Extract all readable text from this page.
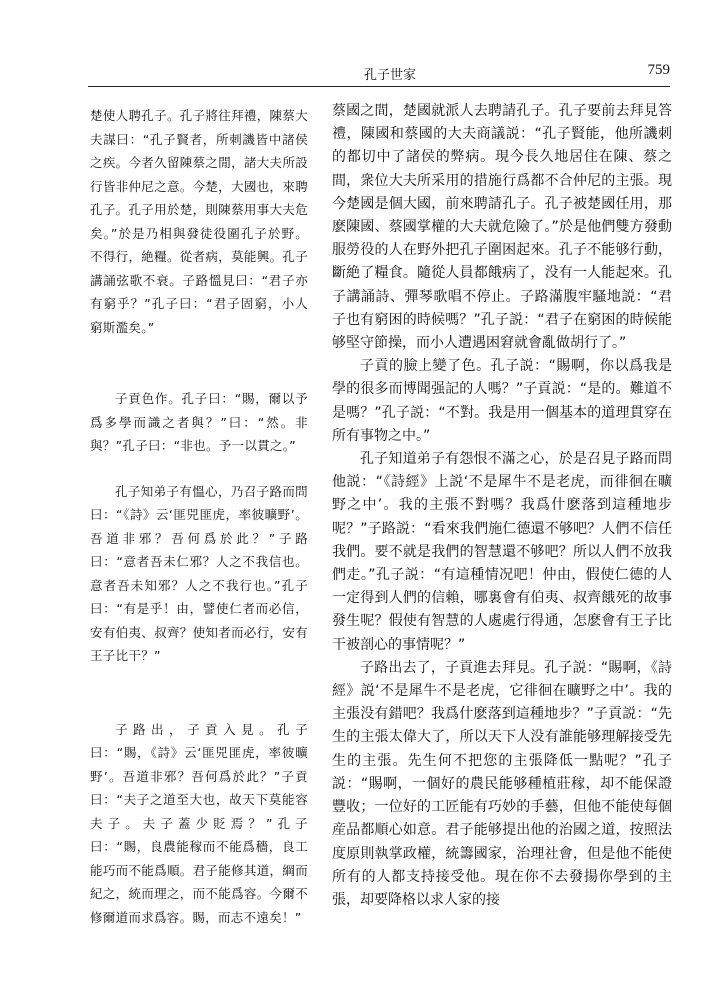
孔子世家	759

楚使人聘孔子。孔子將往拜禮，陳蔡大夫謀曰：“孔子賢者，所刺譏皆中諸侯之疾。今者久留陳蔡之閒，諸大夫所設行皆非仲尼之意。今楚，大國也，來聘孔子。孔子用於楚，則陳蔡用事大夫危矣。”於是乃相與發徒役圍孔子於野。不得行，絶糧。從者病，莫能興。孔子講誦弦歌不衰。子路慍見曰：“君子亦有窮乎？”孔子曰：“君子固窮，小人窮斯濫矣。”

子貢色作。孔子曰：“賜，爾以予爲多學而識之者與？”曰：“然。非與？”孔子曰：“非也。予一以貫之。”

孔子知弟子有慍心，乃召子路而問曰：“《詩》云‘匪兕匪虎，率彼曠野’。吾道非邪？吾何爲於此？”子路曰：“意者吾未仁邪？人之不我信也。意者吾未知邪？人之不我行也。”孔子曰：“有是乎！由，譬使仁者而必信，安有伯夷、叔齊？使知者而必行，安有王子比干？”

子路出，子貢入見。孔子曰：“賜，《詩》云‘匪兕匪虎，率彼曠野’。吾道非邪？吾何爲於此？”子貢曰：“夫子之道至大也，故天下莫能容夫子。夫子蓋少貶焉？”孔子曰：“賜，良農能稼而不能爲穡，良工能巧而不能爲順。君子能修其道，綱而紀之，統而理之，而不能爲容。今爾不修爾道而求爲容。賜，而志不遠矣！”

蔡國之間，楚國就派人去聘請孔子。孔子要前去拜見答禮，陳國和蔡國的大夫商議説：“孔子賢能，他所譏刺的都切中了諸侯的弊病。現今長久地居住在陳、蔡之間，衆位大夫所采用的措施行爲都不合仲尼的主張。現今楚國是個大國，前來聘請孔子。孔子被楚國任用，那麽陳國、蔡國掌權的大夫就危險了。”於是他們雙方發動服勞役的人在野外把孔子圍困起來。孔子不能够行動，斷絶了糧食。隨從人員都餓病了，没有一人能起來。孔子講誦詩、彈琴歌唱不停止。子路滿腹牢騷地説：“君子也有窮困的時候嗎？”孔子説：“君子在窮困的時候能够堅守節操，而小人遭遇困窘就會亂做胡行了。”

子貢的臉上變了色。孔子説：“賜啊，你以爲我是學的很多而博聞强記的人嗎？”子貢説：“是的。難道不是嗎？”孔子説：“不對。我是用一個基本的道理貫穿在所有事物之中。”

孔子知道弟子有怨恨不滿之心，於是召見子路而問他説：“《詩經》上説‘不是犀牛不是老虎，而徘徊在曠野之中’。我的主張不對嗎？我爲什麽落到這種地步呢？”子路説：“看來我們施仁德還不够吧？人們不信任我們。要不就是我們的智慧還不够吧？所以人們不放我們走。”孔子説：“有這種情况吧！仲由，假使仁德的人一定得到人們的信賴，哪裏會有伯夷、叔齊餓死的故事發生呢？假使有智慧的人處處行得通，怎麽會有王子比干被剖心的事情呢？”

子路出去了，子貢進去拜見。孔子説：“賜啊，《詩經》説‘不是犀牛不是老虎，它徘徊在曠野之中’。我的主張没有錯吧？我爲什麽落到這種地步？”子貢説：“先生的主張太偉大了，所以天下人没有誰能够理解接受先生的主張。先生何不把您的主張降低一點呢？”孔子説：“賜啊，一個好的農民能够種植莊稼，却不能保證豐收；一位好的工匠能有巧妙的手藝，但他不能使每個産品都順心如意。君子能够提出他的治國之道，按照法度原則執掌政權，統籌國家，治理社會，但是他不能使所有的人都支持接受他。現在你不去發揚你學到的主張，却要降格以求人家的接
